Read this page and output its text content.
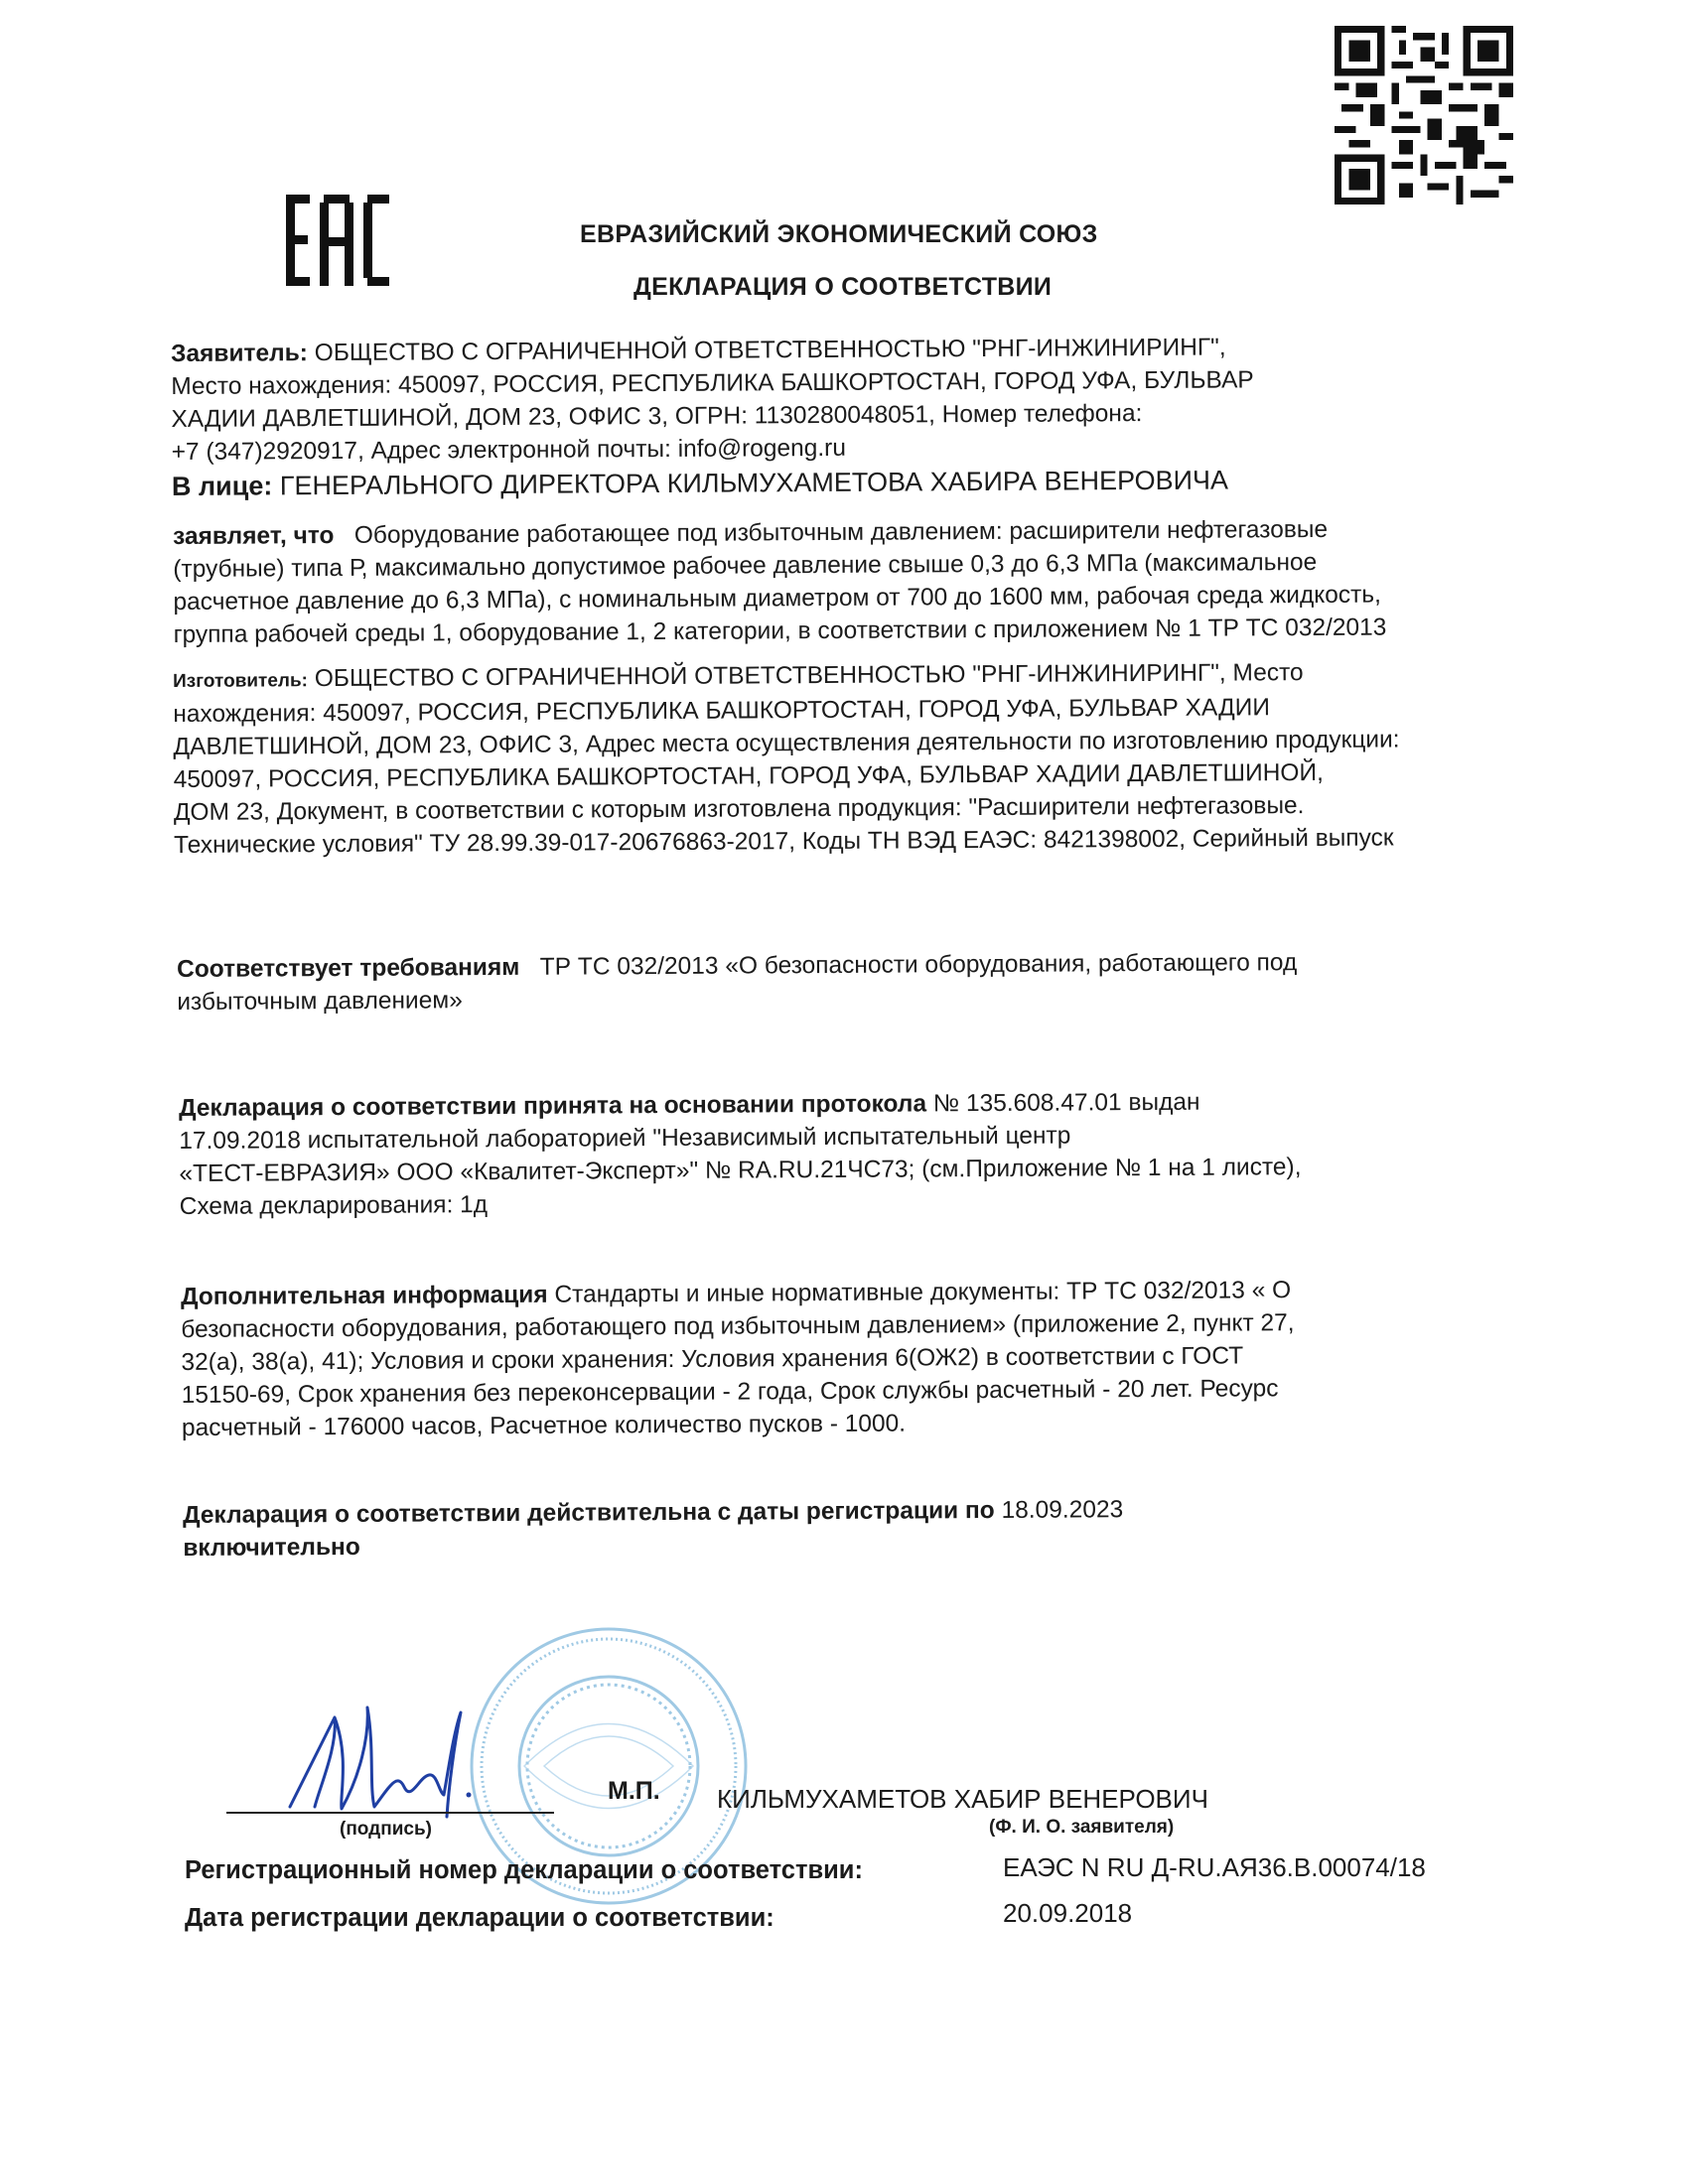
ЕВРАЗИЙСКИЙ ЭКОНОМИЧЕСКИЙ СОЮЗ
ДЕКЛАРАЦИЯ О СООТВЕТСТВИИ
Заявитель: ОБЩЕСТВО С ОГРАНИЧЕННОЙ ОТВЕТСТВЕННОСТЬЮ "РНГ-ИНЖИНИРИНГ",
Место нахождения: 450097, РОССИЯ, РЕСПУБЛИКА БАШКОРТОСТАН, ГОРОД УФА, БУЛЬВАР
ХАДИИ ДАВЛЕТШИНОЙ, ДОМ 23, ОФИС 3, ОГРН: 1130280048051, Номер телефона:
+7 (347)2920917, Адрес электронной почты: info@rogeng.ru
В лице: ГЕНЕРАЛЬНОГО ДИРЕКТОРА КИЛЬМУХАМЕТОВА ХАБИРА ВЕНЕРОВИЧА
заявляет, что Оборудование работающее под избыточным давлением: расширители нефтегазовые
(трубные) типа Р, максимально допустимое рабочее давление свыше 0,3 до 6,3 МПа (максимальное
расчетное давление до 6,3 МПа), с номинальным диаметром от 700 до 1600 мм, рабочая среда жидкость,
группа рабочей среды 1, оборудование 1, 2 категории, в соответствии с приложением № 1 ТР ТС 032/2013
Изготовитель: ОБЩЕСТВО С ОГРАНИЧЕННОЙ ОТВЕТСТВЕННОСТЬЮ "РНГ-ИНЖИНИРИНГ", Место
нахождения: 450097, РОССИЯ, РЕСПУБЛИКА БАШКОРТОСТАН, ГОРОД УФА, БУЛЬВАР ХАДИИ
ДАВЛЕТШИНОЙ, ДОМ 23, ОФИС 3, Адрес места осуществления деятельности по изготовлению продукции:
450097, РОССИЯ, РЕСПУБЛИКА БАШКОРТОСТАН, ГОРОД УФА, БУЛЬВАР ХАДИИ ДАВЛЕТШИНОЙ,
ДОМ 23, Документ, в соответствии с которым изготовлена продукция: "Расширители нефтегазовые.
Технические условия" ТУ 28.99.39-017-20676863-2017, Коды ТН ВЭД ЕАЭС: 8421398002, Серийный выпуск
Соответствует требованиям ТР ТС 032/2013 «О безопасности оборудования, работающего под
избыточным давлением»
Декларация о соответствии принята на основании протокола № 135.608.47.01 выдан
17.09.2018 испытательной лабораторией "Независимый испытательный центр
«ТЕСТ-ЕВРАЗИЯ» ООО «Квалитет-Эксперт»" № RA.RU.21ЧС73; (см.Приложение № 1 на 1 листе),
Схема декларирования: 1д
Дополнительная информация Стандарты и иные нормативные документы: ТР ТС 032/2013 « О
безопасности оборудования, работающего под избыточным давлением» (приложение 2, пункт 27,
32(а), 38(а), 41); Условия и сроки хранения: Условия хранения 6(ОЖ2) в соответствии с ГОСТ
15150-69, Срок хранения без переконсервации - 2 года, Срок службы расчетный - 20 лет. Ресурс
расчетный - 176000 часов, Расчетное количество пусков - 1000.
Декларация о соответствии действительна с даты регистрации по 18.09.2023
включительно
(подпись)
М.П. КИЛЬМУХАМЕТОВ ХАБИР ВЕНЕРОВИЧ
(Ф. И. О. заявителя)
Регистрационный номер декларации о соответствии:	ЕАЭС N RU Д-RU.АЯ36.В.00074/18
Дата регистрации декларации о соответствии:	20.09.2018
